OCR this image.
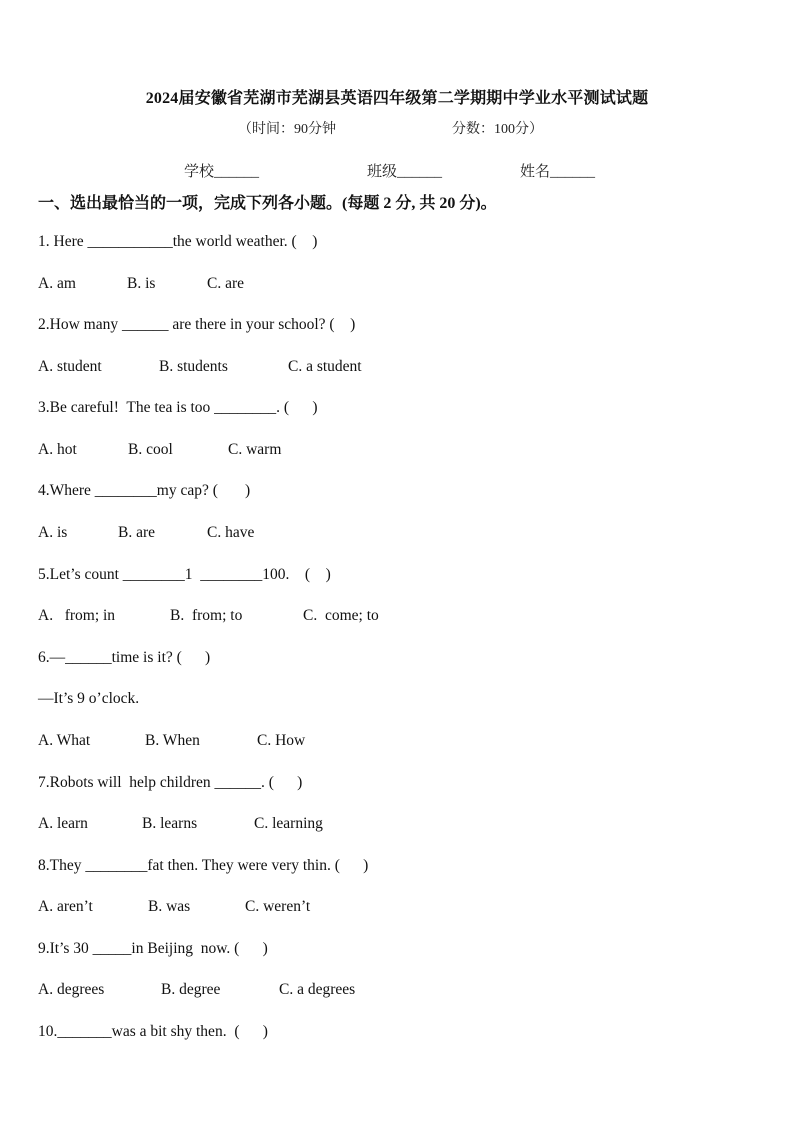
2024届安徽省芜湖市芜湖县英语四年级第二学期期中学业水平测试试题
（时间：90分钟	分数：100分）
学校______	班级______	姓名______
一、选出最恰当的一项，完成下列各小题。(每题 2 分, 共 20 分)。
1. Here ___________the world weather. (    )
A. am	B. is	C. are
2.How many ______ are there in your school? (    )
A. student	B. students	C. a student
3.Be careful!  The tea is too ________. (      )
A. hot	B. cool	C. warm
4.Where ________my cap? (       )
A. is	B. are	C. have
5.Let’s count ________1  ________100.    (    )
A.   from; in	B.  from; to	C.  come; to
6.—______time is it? (      )
—It’s 9 o’clock.
A. What	B. When	C. How
7.Robots will  help children ______. (      )
A. learn	B. learns	C. learning
8.They ________fat then. They were very thin. (      )
A. aren’t	B. was	C. weren’t
9.It’s 30 _____in Beijing  now. (      )
A. degrees	B. degree	C. a degrees
10._______was a bit shy then.  (      )
